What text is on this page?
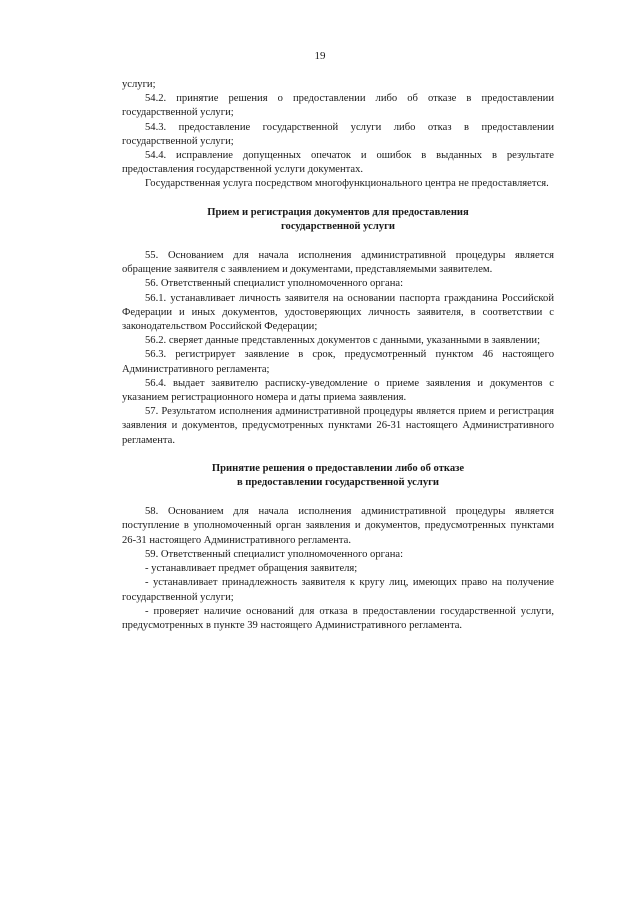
19

услуги;

54.2. принятие решения о предоставлении либо об отказе в предоставлении государственной услуги;

54.3. предоставление государственной услуги либо отказ в предоставлении государственной услуги;

54.4. исправление допущенных опечаток и ошибок в выданных в результате предоставления государственной услуги документах.

Государственная услуга посредством многофункционального центра не предоставляется.

Прием и регистрация документов для предоставления
государственной услуги

55. Основанием для начала исполнения административной процедуры является обращение заявителя с заявлением и документами, представляемыми заявителем.

56. Ответственный специалист уполномоченного органа:

56.1. устанавливает личность заявителя на основании паспорта гражданина Российской Федерации и иных документов, удостоверяющих личность заявителя, в соответствии с законодательством Российской Федерации;

56.2. сверяет данные представленных документов с данными, указанными в заявлении;

56.3. регистрирует заявление в срок, предусмотренный пунктом 46 настоящего Административного регламента;

56.4. выдает заявителю расписку-уведомление о приеме заявления и документов с указанием регистрационного номера и даты приема заявления.

57. Результатом исполнения административной процедуры является прием и регистрация заявления и документов, предусмотренных пунктами 26-31 настоящего Административного регламента.

Принятие решения о предоставлении либо об отказе
в предоставлении государственной услуги

58. Основанием для начала исполнения административной процедуры является поступление в уполномоченный орган заявления и документов, предусмотренных пунктами 26-31 настоящего Административного регламента.

59. Ответственный специалист уполномоченного органа:

- устанавливает предмет обращения заявителя;

- устанавливает принадлежность заявителя к кругу лиц, имеющих право на получение государственной услуги;

- проверяет наличие оснований для отказа в предоставлении государственной услуги, предусмотренных в пункте 39 настоящего Административного регламента.
